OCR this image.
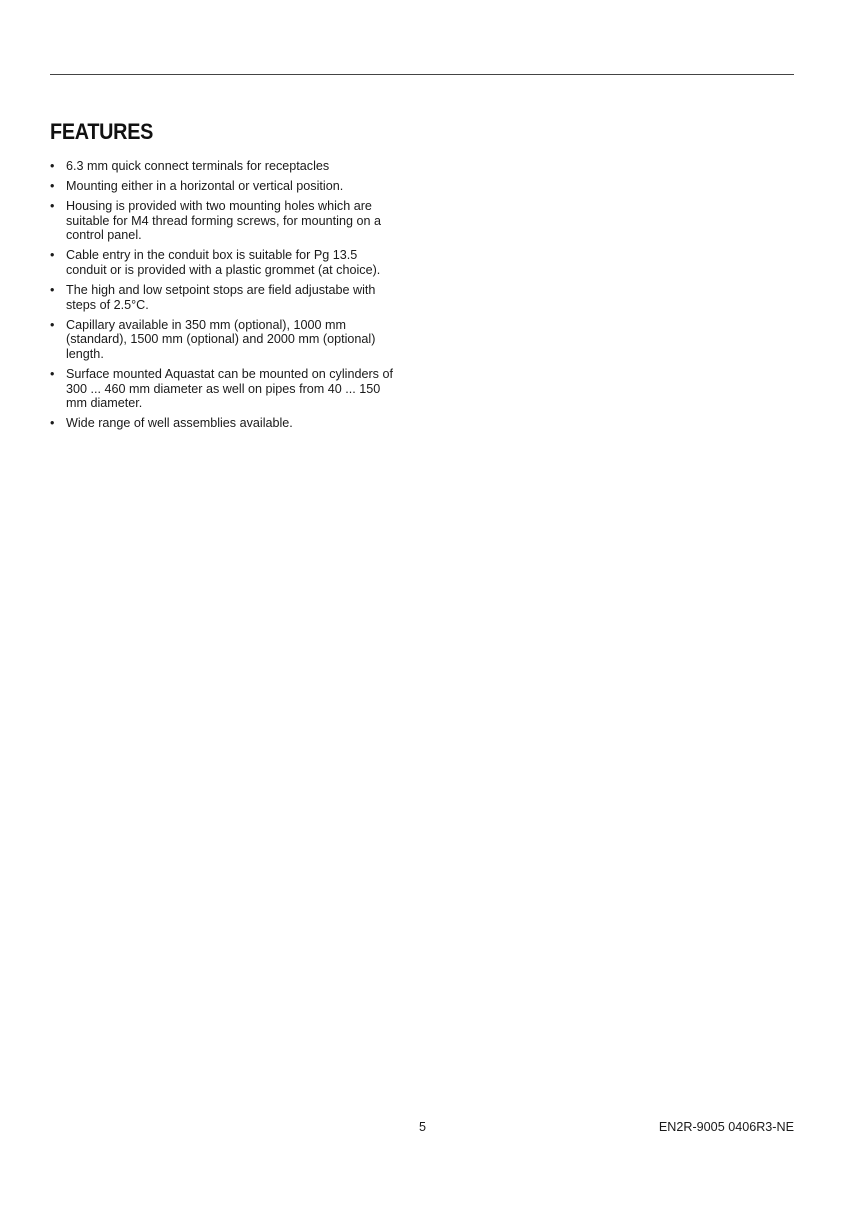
FEATURES
• 6.3 mm quick connect terminals for receptacles
• Mounting either in a horizontal or vertical position.
• Housing is provided with two mounting holes which are suitable for M4 thread forming screws, for mounting on a control panel.
• Cable entry in the conduit box is suitable for Pg 13.5 conduit or is provided with a plastic grommet (at choice).
• The high and low setpoint stops are field adjustabe with steps of 2.5°C.
• Capillary available in 350 mm (optional), 1000 mm (standard), 1500 mm (optional) and 2000 mm (optional) length.
• Surface mounted Aquastat can be mounted on cylinders of 300 ... 460 mm diameter as well on pipes from 40 ... 150 mm diameter.
• Wide range of well assemblies available.
5	EN2R-9005 0406R3-NE
